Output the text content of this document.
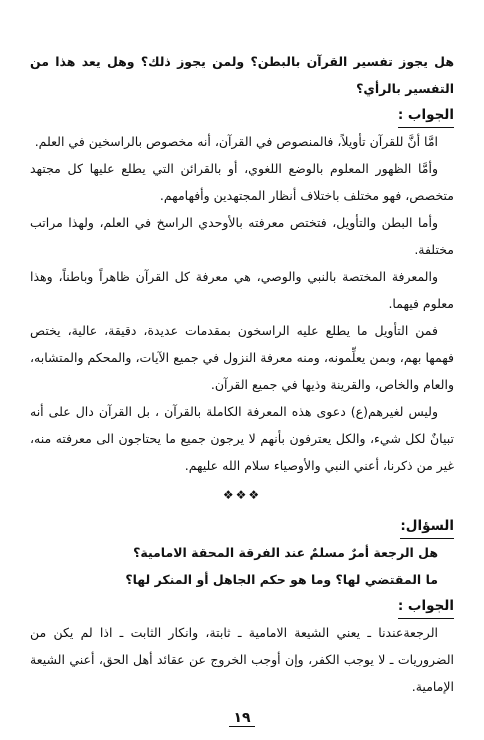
هل يجوز تفسير القرآن بالبطن؟ ولمن يجوز ذلك؟ وهل يعد هذا من التفسير بالرأي؟

الجواب :

امَّا أنَّ للقرآن تأويلاً، فالمنصوص في القرآن، أنه مخصوص بالراسخين في العلم.

وأمَّا الظهور المعلوم بالوضع اللغوي، أو بالقرائن التي يطلع عليها كل مجتهد متخصص، فهو مختلف باختلاف أنظار المجتهدين وأفهامهم.

وأما البطن والتأويل، فتختص معرفته بالأوحدي الراسخ في العلم، ولهذا مراتب مختلفة.

والمعرفة المختصة بالنبي والوصي، هي معرفة كل القرآن ظاهراً وباطناً، وهذا معلوم فيهما.

فمن التأويل ما يطلع عليه الراسخون بمقدمات عديدة، دقيقة، عالية، يختص فهمها بهم، وبمن يعلِّمونه، ومنه معرفة النزول في جميع الآيات، والمحكم والمتشابه، والعام والخاص، والقرينة وذيها في جميع القرآن.

وليس لغيرهم(ع) دعوى هذه المعرفة الكاملة بالقرآن ، بل القرآن دال على أنه تبيانٌ لكل شيء، والكل يعترفون بأنهم لا يرجون جميع ما يحتاجون الى معرفته منه، غير من ذكرنا، أعني النبي والأوصياء سلام الله عليهم.

❖❖❖
السؤال:

هل الرجعة أمرٌ مسلمٌ عند الفرقة المحقة الامامية؟

ما المقتضي لها؟ وما هو حكم الجاهل أو المنكر لها؟

الجواب :

الرجعةعندنا ـ يعني الشيعة الامامية ـ ثابتة، وانكار الثابت ـ اذا لم يكن من الضروريات ـ لا يوجب الكفر، وإن أوجب الخروج عن عقائد أهل الحق، أعني الشيعة الإمامية.

١٩
